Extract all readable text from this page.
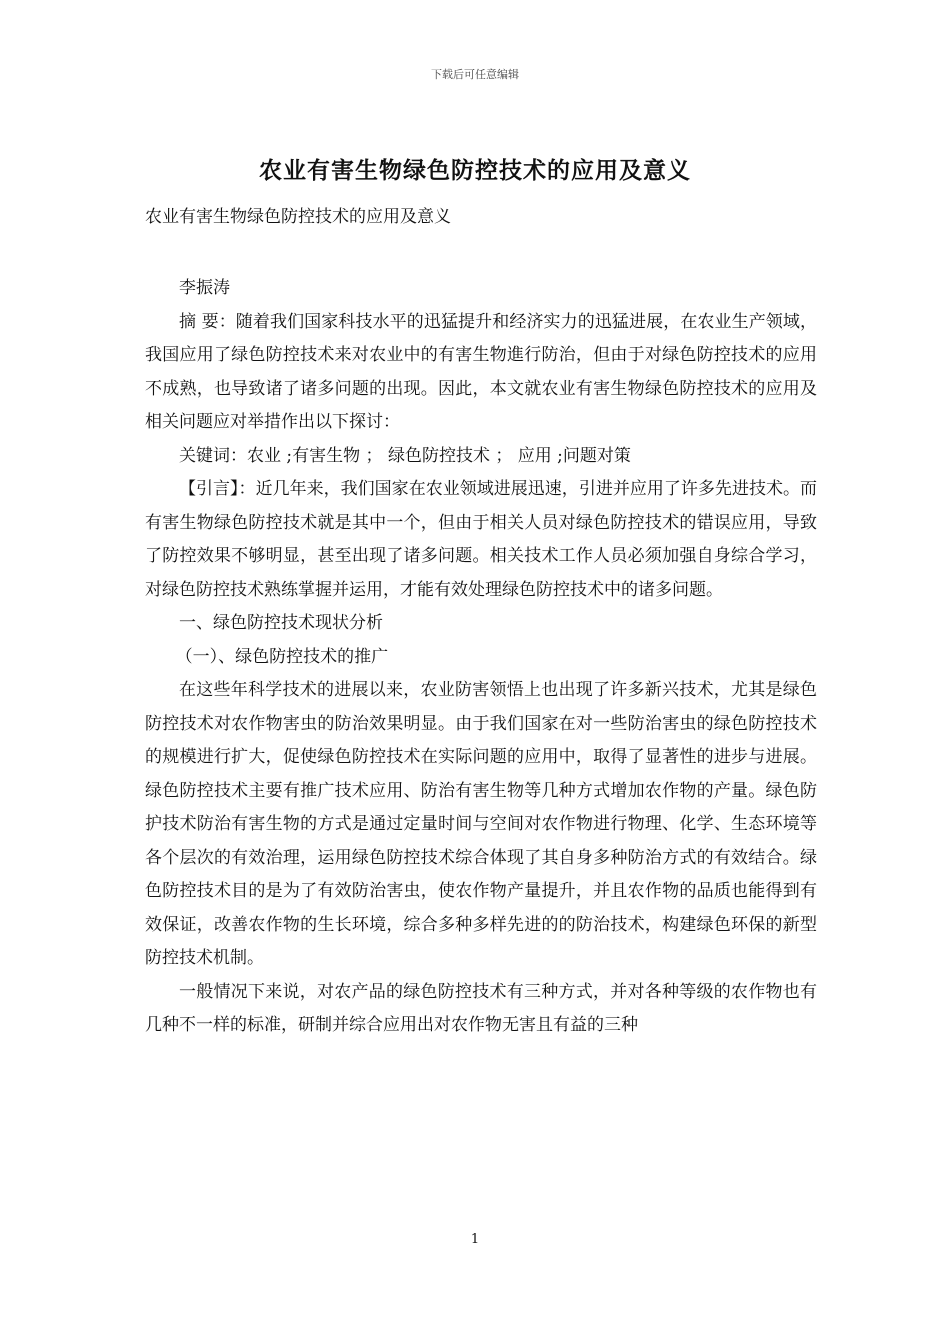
下载后可任意编辑
农业有害生物绿色防控技术的应用及意义
农业有害生物绿色防控技术的应用及意义

李振涛

摘 要：随着我们国家科技水平的迅猛提升和经济实力的迅猛进展，在农业生产领域，我国应用了绿色防控技术来对农业中的有害生物進行防治，但由于对绿色防控技术的应用不成熟，也导致诸了诸多问题的出现。因此，本文就农业有害生物绿色防控技术的应用及相关问题应对举措作出以下探讨：

关键词：农业 ;有害生物 ； 绿色防控技术 ； 应用 ;问题对策

【引言】：近几年来，我们国家在农业领域进展迅速，引进并应用了许多先进技术。而有害生物绿色防控技术就是其中一个，但由于相关人员对绿色防控技术的错误应用，导致了防控效果不够明显，甚至出现了诸多问题。相关技术工作人员必须加强自身综合学习，对绿色防控技术熟练掌握并运用，才能有效处理绿色防控技术中的诸多问题。

一、绿色防控技术现状分析

（一）、绿色防控技术的推广

在这些年科学技术的进展以来，农业防害领悟上也出现了许多新兴技术，尤其是绿色防控技术对农作物害虫的防治效果明显。由于我们国家在对一些防治害虫的绿色防控技术的规模进行扩大，促使绿色防控技术在实际问题的应用中，取得了显著性的进步与进展。绿色防控技术主要有推广技术应用、防治有害生物等几种方式增加农作物的产量。绿色防护技术防治有害生物的方式是通过定量时间与空间对农作物进行物理、化学、生态环境等各个层次的有效治理，运用绿色防控技术综合体现了其自身多种防治方式的有效结合。绿色防控技术目的是为了有效防治害虫，使农作物产量提升，并且农作物的品质也能得到有效保证，改善农作物的生长环境，综合多种多样先进的的防治技术，构建绿色环保的新型防控技术机制。

一般情况下来说，对农产品的绿色防控技术有三种方式，并对各种等级的农作物也有几种不一样的标准，研制并综合应用出对农作物无害且有益的三种

1
